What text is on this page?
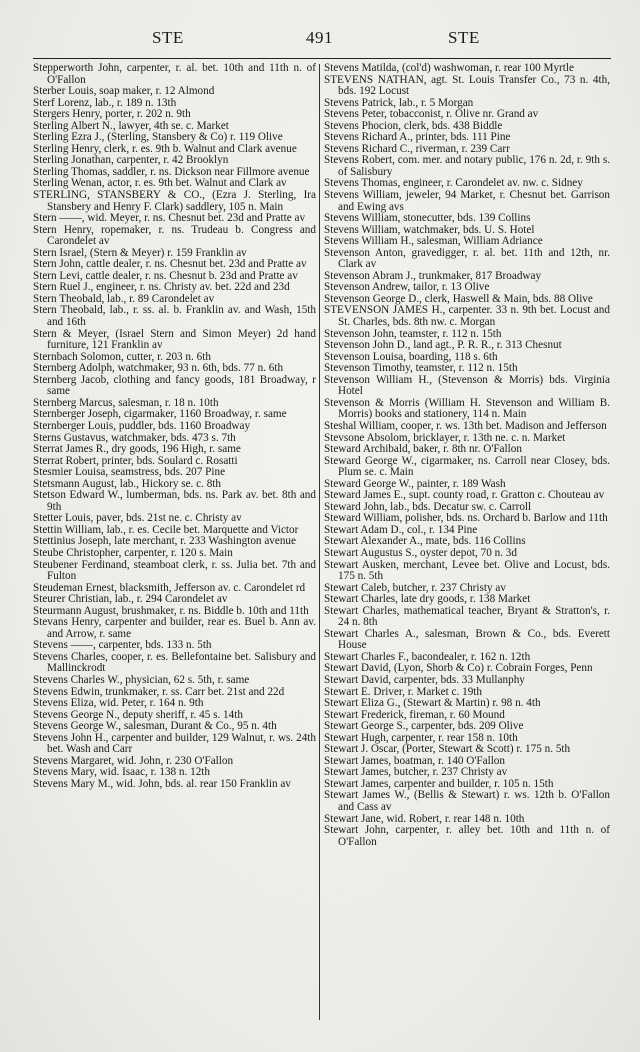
STE	491	STE

Stepperworth John, carpenter, r. al. bet. 10th and 11th n. of O'Fallon

Sterber Louis, soap maker, r. 12 Almond

Sterf Lorenz, lab., r. 189 n. 13th

Stergers Henry, porter, r. 202 n. 9th

Sterling Albert N., lawyer, 4th se. c. Market

Sterling Ezra J., (Sterling, Stansbery & Co) r. 119 Olive

Sterling Henry, clerk, r. es. 9th b. Walnut and Clark avenue

Sterling Jonathan, carpenter, r. 42 Brooklyn

Sterling Thomas, saddler, r. ns. Dickson near Fillmore avenue

Sterling Wenan, actor, r. es. 9th bet. Walnut and Clark av

STERLING, STANSBERY & CO., (Ezra J. Sterling, Ira Stansbery and Henry F. Clark) saddlery, 105 n. Main

Stern ——, wid. Meyer, r. ns. Chesnut bet. 23d and Pratte av

Stern Henry, ropemaker, r. ns. Trudeau b. Congress and Carondelet av

Stern Israel, (Stern & Meyer) r. 159 Franklin av

Stern John, cattle dealer, r. ns. Chesnut bet. 23d and Pratte av

Stern Levi, cattle dealer, r. ns. Chesnut b. 23d and Pratte av

Stern Ruel J., engineer, r. ns. Christy av. bet. 22d and 23d

Stern Theobald, lab., r. 89 Carondelet av

Stern Theobald, lab., r. ss. al. b. Franklin av. and Wash, 15th and 16th

Stern & Meyer, (Israel Stern and Simon Meyer) 2d hand furniture, 121 Franklin av

Sternbach Solomon, cutter, r. 203 n. 6th

Sternberg Adolph, watchmaker, 93 n. 6th, bds. 77 n. 6th

Sternberg Jacob, clothing and fancy goods, 181 Broadway, r same

Sternberg Marcus, salesman, r. 18 n. 10th

Sternberger Joseph, cigarmaker, 1160 Broadway, r. same

Sternberger Louis, puddler, bds. 1160 Broadway

Sterns Gustavus, watchmaker, bds. 473 s. 7th

Sterrat James R., dry goods, 196 High, r. same

Sterrat Robert, printer, bds. Soulard c. Rosatti

Stesmier Louisa, seamstress, bds. 207 Pine

Stetsmann August, lab., Hickory se. c. 8th

Stetson Edward W., lumberman, bds. ns. Park av. bet. 8th and 9th

Stetter Louis, paver, bds. 21st ne. c. Christy av

Stettin William, lab., r. es. Cecile bet. Marquette and Victor

Stettinius Joseph, late merchant, r. 233 Washington avenue

Steube Christopher, carpenter, r. 120 s. Main

Steubener Ferdinand, steamboat clerk, r. ss. Julia bet. 7th and Fulton

Steudeman Ernest, blacksmith, Jefferson av. c. Carondelet rd

Steurer Christian, lab., r. 294 Carondelet av

Steurmann August, brushmaker, r. ns. Biddle b. 10th and 11th

Stevans Henry, carpenter and builder, rear es. Buel b. Ann av. and Arrow, r. same

Stevens ——, carpenter, bds. 133 n. 5th

Stevens Charles, cooper, r. es. Bellefontaine bet. Salisbury and Mallinckrodt

Stevens Charles W., physician, 62 s. 5th, r. same

Stevens Edwin, trunkmaker, r. ss. Carr bet. 21st and 22d

Stevens Eliza, wid. Peter, r. 164 n. 9th

Stevens George N., deputy sheriff, r. 45 s. 14th

Stevens George W., salesman, Durant & Co., 95 n. 4th

Stevens John H., carpenter and builder, 129 Walnut, r. ws. 24th bet. Wash and Carr

Stevens Margaret, wid. John, r. 230 O'Fallon

Stevens Mary, wid. Isaac, r. 138 n. 12th

Stevens Mary M., wid. John, bds. al. rear 150 Franklin av

Stevens Matilda, (col'd) washwoman, r. rear 100 Myrtle

STEVENS NATHAN, agt. St. Louis Transfer Co., 73 n. 4th, bds. 192 Locust

Stevens Patrick, lab., r. 5 Morgan

Stevens Peter, tobacconist, r. Olive nr. Grand av

Stevens Phocion, clerk, bds. 438 Biddle

Stevens Richard A., printer, bds. 111 Pine

Stevens Richard C., riverman, r. 239 Carr

Stevens Robert, com. mer. and notary public, 176 n. 2d, r. 9th s. of Salisbury

Stevens Thomas, engineer, r. Carondelet av. nw. c. Sidney

Stevens William, jeweler, 94 Market, r. Chesnut bet. Garrison and Ewing avs

Stevens William, stonecutter, bds. 139 Collins

Stevens William, watchmaker, bds. U. S. Hotel

Stevens William H., salesman, William Adriance

Stevenson Anton, gravedigger, r. al. bet. 11th and 12th, nr. Clark av

Stevenson Abram J., trunkmaker, 817 Broadway

Stevenson Andrew, tailor, r. 13 Olive

Stevenson George D., clerk, Haswell & Main, bds. 88 Olive

STEVENSON JAMES H., carpenter. 33 n. 9th bet. Locust and St. Charles, bds. 8th nw. c. Morgan

Stevenson John, teamster, r. 112 n. 15th

Stevenson John D., land agt., P. R. R., r. 313 Chesnut

Stevenson Louisa, boarding, 118 s. 6th

Stevenson Timothy, teamster, r. 112 n. 15th

Stevenson William H., (Stevenson & Morris) bds. Virginia Hotel

Stevenson & Morris (William H. Stevenson and William B. Morris) books and stationery, 114 n. Main

Steshal William, cooper, r. ws. 13th bet. Madison and Jefferson

Stevsone Absolom, bricklayer, r. 13th ne. c. n. Market

Steward Archibald, baker, r. 8th nr. O'Fallon

Steward George W., cigarmaker, ns. Carroll near Closey, bds. Plum se. c. Main

Steward George W., painter, r. 189 Wash

Steward James E., supt. county road, r. Gratton c. Chouteau av

Steward John, lab., bds. Decatur sw. c. Carroll

Steward William, polisher, bds. ns. Orchard b. Barlow and 11th

Stewart Adam D., col., r. 134 Pine

Stewart Alexander A., mate, bds. 116 Collins

Stewart Augustus S., oyster depot, 70 n. 3d

Stewart Ausken, merchant, Levee bet. Olive and Locust, bds. 175 n. 5th

Stewart Caleb, butcher, r. 237 Christy av

Stewart Charles, late dry goods, r. 138 Market

Stewart Charles, mathematical teacher, Bryant & Stratton's, r. 24 n. 8th

Stewart Charles A., salesman, Brown & Co., bds. Everett House

Stewart Charles F., bacondealer, r. 162 n. 12th

Stewart David, (Lyon, Shorb & Co) r. Cobrain Forges, Penn

Stewart David, carpenter, bds. 33 Mullanphy

Stewart E. Driver, r. Market c. 19th

Stewart Eliza G., (Stewart & Martin) r. 98 n. 4th

Stewart Frederick, fireman, r. 60 Mound

Stewart George S., carpenter, bds. 209 Olive

Stewart Hugh, carpenter, r. rear 158 n. 10th

Stewart J. Oscar, (Porter, Stewart & Scott) r. 175 n. 5th

Stewart James, boatman, r. 140 O'Fallon

Stewart James, butcher, r. 237 Christy av

Stewart James, carpenter and builder, r. 105 n. 15th

Stewart James W., (Bellis & Stewart) r. ws. 12th b. O'Fallon and Cass av

Stewart Jane, wid. Robert, r. rear 148 n. 10th

Stewart John, carpenter, r. alley bet. 10th and 11th n. of O'Fallon
